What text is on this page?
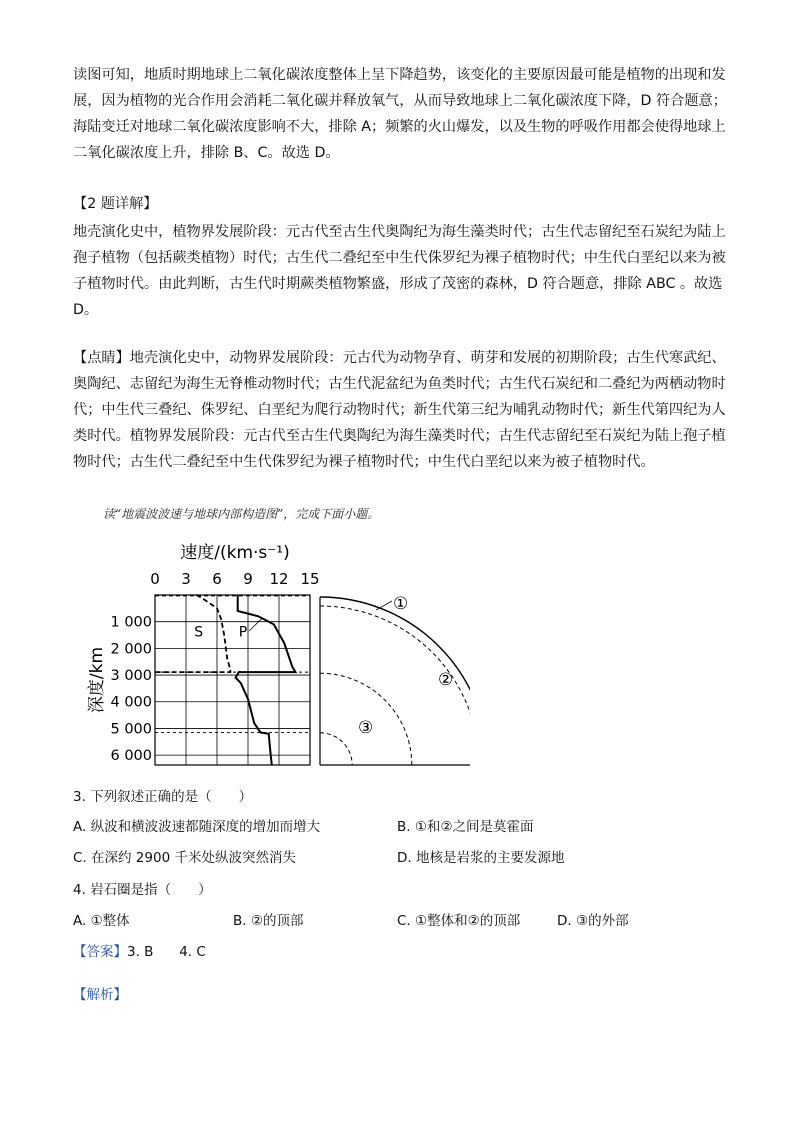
读图可知，地质时期地球上二氧化碳浓度整体上呈下降趋势，该变化的主要原因最可能是植物的出现和发
展，因为植物的光合作用会消耗二氧化碳并释放氧气，从而导致地球上二氧化碳浓度下降，D 符合题意；
海陆变迁对地球二氧化碳浓度影响不大，排除 A；频繁的火山爆发，以及生物的呼吸作用都会使得地球上
二氧化碳浓度上升，排除 B、C。故选 D。
【2 题详解】
地壳演化史中，植物界发展阶段：元古代至古生代奥陶纪为海生藻类时代；古生代志留纪至石炭纪为陆上
孢子植物（包括蕨类植物）时代；古生代二叠纪至中生代侏罗纪为裸子植物时代；中生代白垩纪以来为被
子植物时代。由此判断，古生代时期蕨类植物繁盛，形成了茂密的森林，D 符合题意，排除 ABC 。故选
D。
【点睛】地壳演化史中，动物界发展阶段：元古代为动物孕育、萌芽和发展的初期阶段；古生代寒武纪、
奥陶纪、志留纪为海生无脊椎动物时代；古生代泥盆纪为鱼类时代；古生代石炭纪和二叠纪为两栖动物时
代；中生代三叠纪、侏罗纪、白垩纪为爬行动物时代；新生代第三纪为哺乳动物时代；新生代第四纪为人
类时代。植物界发展阶段：元古代至古生代奥陶纪为海生藻类时代；古生代志留纪至石炭纪为陆上孢子植
物时代；古生代二叠纪至中生代侏罗纪为裸子植物时代；中生代白垩纪以来为被子植物时代。
读“地震波波速与地球内部构造图”，完成下面小题。
速度/(km·s⁻¹)
0 3 6 9 12 15
1 000
2 000
3 000
4 000
5 000
6 000
深度/km
S	P
①
②
③
3. 下列叙述正确的是（　　）
A. 纵波和横波波速都随深度的增加而增大	B. ①和②之间是莫霍面
C. 在深约 2900 千米处纵波突然消失	D. 地核是岩浆的主要发源地
4. 岩石圈是指（　　）
A. ①整体	B. ②的顶部	C. ①整体和②的顶部	D. ③的外部
【答案】3. B 4. C
【解析】
